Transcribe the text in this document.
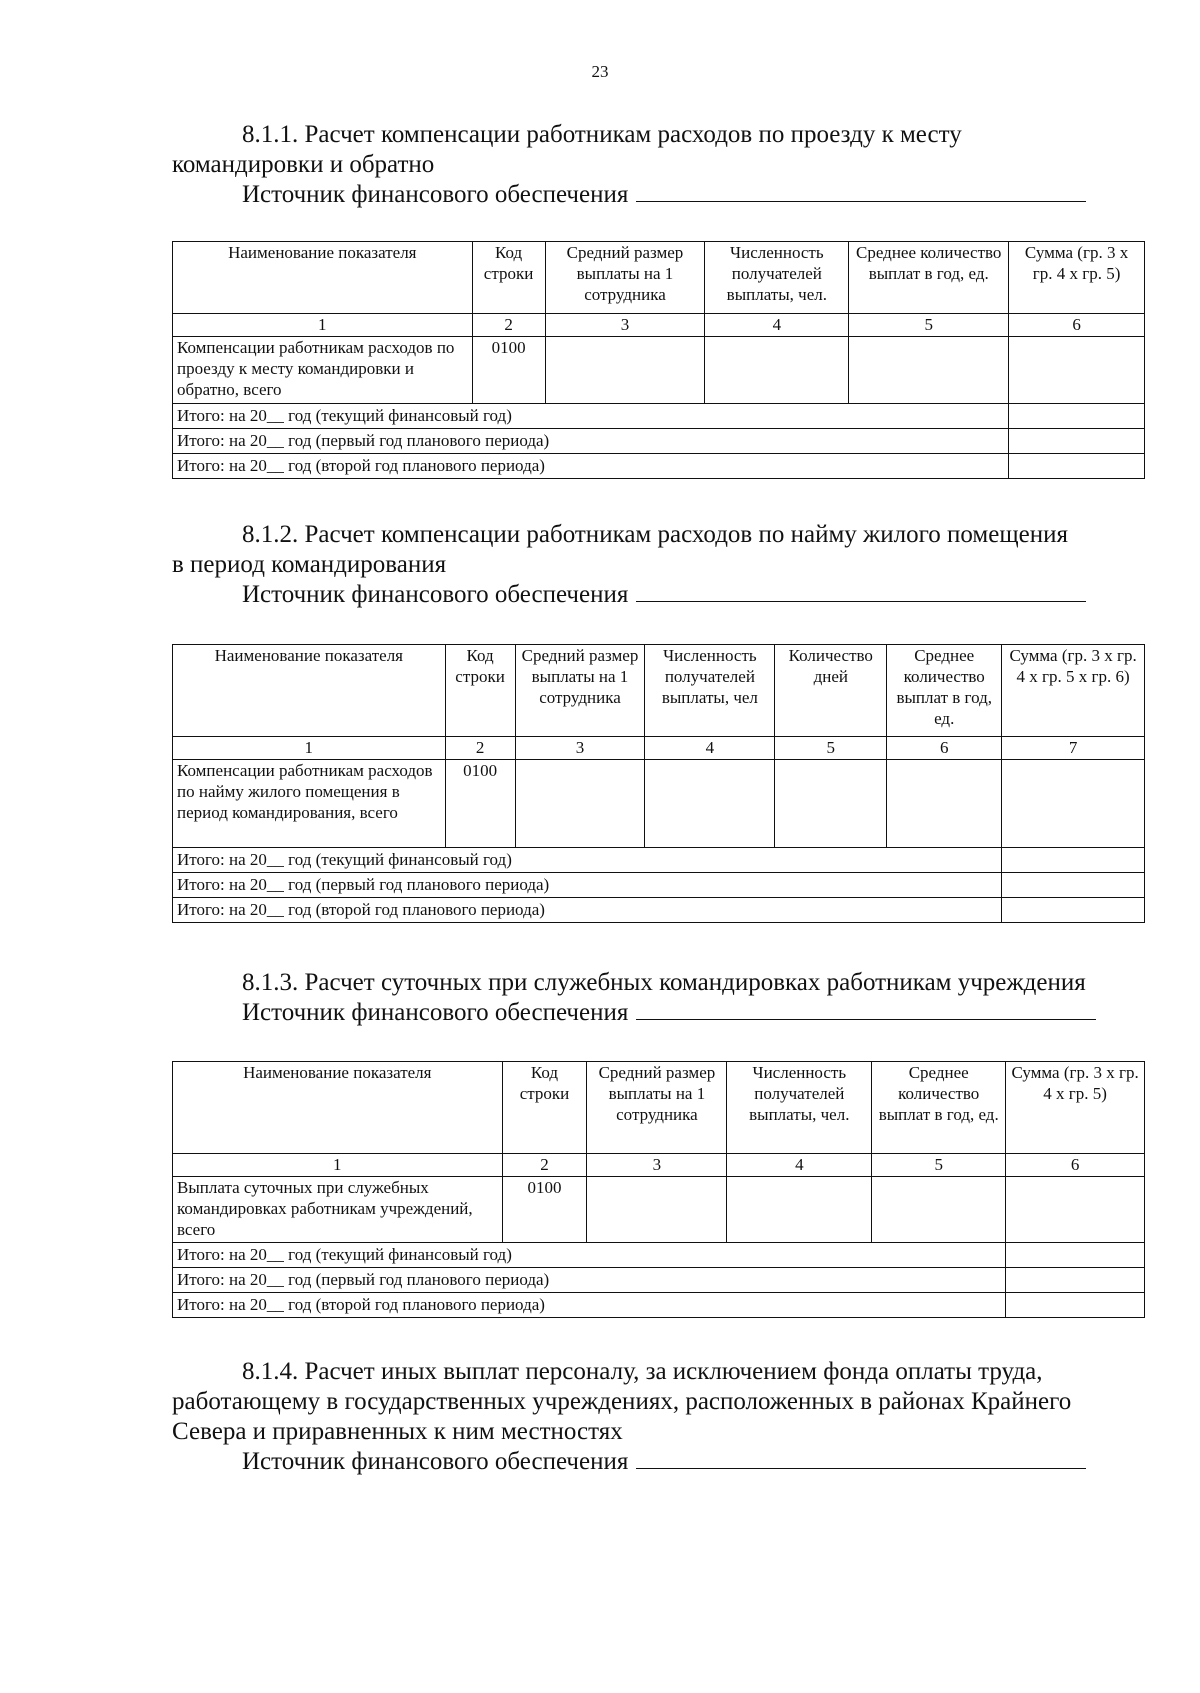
23

8.1.1. Расчет компенсации работникам расходов по проезду к месту

командировки и обратно

Источник финансового обеспечения

Наименование показателя	Код строки	Средний размер выплаты на 1 сотрудника	Численность получателей выплаты, чел.	Среднее количество выплат в год, ед.	Сумма (гр. 3 х гр. 4 х гр. 5)
1	2	3	4	5	6
Компенсации работникам расходов по проезду к месту командировки и обратно, всего	0100				
Итого: на 20__ год (текущий финансовый год)					
Итого: на 20__ год (первый год планового периода)					
Итого: на 20__ год (второй год планового периода)					

8.1.2. Расчет компенсации работникам расходов по найму жилого помещения

в период командирования

Источник финансового обеспечения

Наименование показателя	Код строки	Средний размер выплаты на 1 сотрудника	Численность получателей выплаты, чел	Количество дней	Среднее количество выплат в год, ед.	Сумма (гр. 3 х гр. 4 х гр. 5 х гр. 6)
1	2	3	4	5	6	7
Компенсации работникам расходов по найму жилого помещения в период командирования, всего	0100					
Итого: на 20__ год (текущий финансовый год)						
Итого: на 20__ год (первый год планового периода)						
Итого: на 20__ год (второй год планового периода)						

8.1.3. Расчет суточных при служебных командировках работникам учреждения

Источник финансового обеспечения

Наименование показателя	Код строки	Средний размер выплаты на 1 сотрудника	Численность получателей выплаты, чел.	Среднее количество выплат в год, ед.	Сумма (гр. 3 х гр. 4 х гр. 5)
1	2	3	4	5	6
Выплата суточных при служебных командировках работникам учреждений, всего	0100				
Итого: на 20__ год (текущий финансовый год)					
Итого: на 20__ год (первый год планового периода)					
Итого: на 20__ год (второй год планового периода)					

8.1.4. Расчет иных выплат персоналу, за исключением фонда оплаты труда,

работающему в государственных учреждениях, расположенных в районах Крайнего

Севера и приравненных к ним местностях

Источник финансового обеспечения
